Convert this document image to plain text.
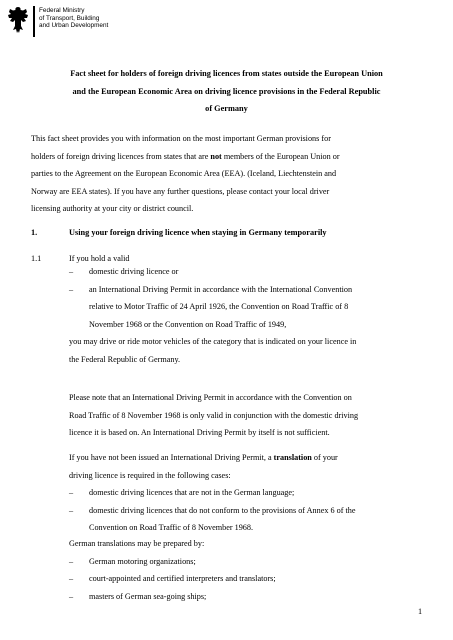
Federal Ministry
of Transport, Building
and Urban Development
Fact sheet for holders of foreign driving licences from states outside the European Union
and the European Economic Area on driving licence provisions in the Federal Republic
of Germany
This fact sheet provides you with information on the most important German provisions for
holders of foreign driving licences from states that are not members of the European Union or
parties to the Agreement on the European Economic Area (EEA). (Iceland, Liechtenstein and
Norway are EEA states). If you have any further questions, please contact your local driver
licensing authority at your city or district council.
1.	Using your foreign driving licence when staying in Germany temporarily
1.1	If you hold a valid
–	domestic driving licence or
–	an International Driving Permit in accordance with the International Convention
relative to Motor Traffic of 24 April 1926, the Convention on Road Traffic of 8
November 1968 or the Convention on Road Traffic of 1949,
you may drive or ride motor vehicles of the category that is indicated on your licence in
the Federal Republic of Germany.
Please note that an International Driving Permit in accordance with the Convention on
Road Traffic of 8 November 1968 is only valid in conjunction with the domestic driving
licence it is based on. An International Driving Permit by itself is not sufficient.
If you have not been issued an International Driving Permit, a translation of your
driving licence is required in the following cases:
–	domestic driving licences that are not in the German language;
–	domestic driving licences that do not conform to the provisions of Annex 6 of the
Convention on Road Traffic of 8 November 1968.
German translations may be prepared by:
–	German motoring organizations;
–	court-appointed and certified interpreters and translators;
–	masters of German sea-going ships;
1
